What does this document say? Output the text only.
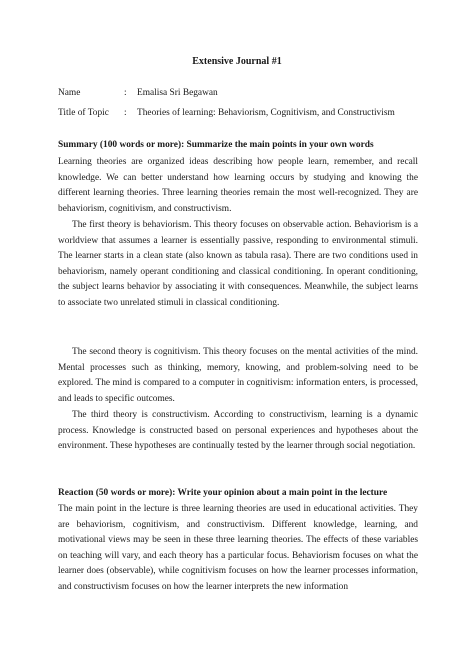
Extensive Journal #1
Name	: Emalisa Sri Begawan
Title of Topic : Theories of learning: Behaviorism, Cognitivism, and Constructivism
Summary (100 words or more): Summarize the main points in your own words

Learning theories are organized ideas describing how people learn, remember, and recall knowledge. We can better understand how learning occurs by studying and knowing the different learning theories. Three learning theories remain the most well-recognized. They are behaviorism, cognitivism, and constructivism.

The first theory is behaviorism. This theory focuses on observable action. Behaviorism is a worldview that assumes a learner is essentially passive, responding to environmental stimuli. The learner starts in a clean state (also known as tabula rasa). There are two conditions used in behaviorism, namely operant conditioning and classical conditioning. In operant conditioning, the subject learns behavior by associating it with consequences. Meanwhile, the subject learns to associate two unrelated stimuli in classical conditioning.

The second theory is cognitivism. This theory focuses on the mental activities of the mind. Mental processes such as thinking, memory, knowing, and problem-solving need to be explored. The mind is compared to a computer in cognitivism: information enters, is processed, and leads to specific outcomes.

The third theory is constructivism. According to constructivism, learning is a dynamic process. Knowledge is constructed based on personal experiences and hypotheses about the environment. These hypotheses are continually tested by the learner through social negotiation.

Reaction (50 words or more): Write your opinion about a main point in the lecture

The main point in the lecture is three learning theories are used in educational activities. They are behaviorism, cognitivism, and constructivism. Different knowledge, learning, and motivational views may be seen in these three learning theories. The effects of these variables on teaching will vary, and each theory has a particular focus. Behaviorism focuses on what the learner does (observable), while cognitivism focuses on how the learner processes information, and constructivism focuses on how the learner interprets the new information
